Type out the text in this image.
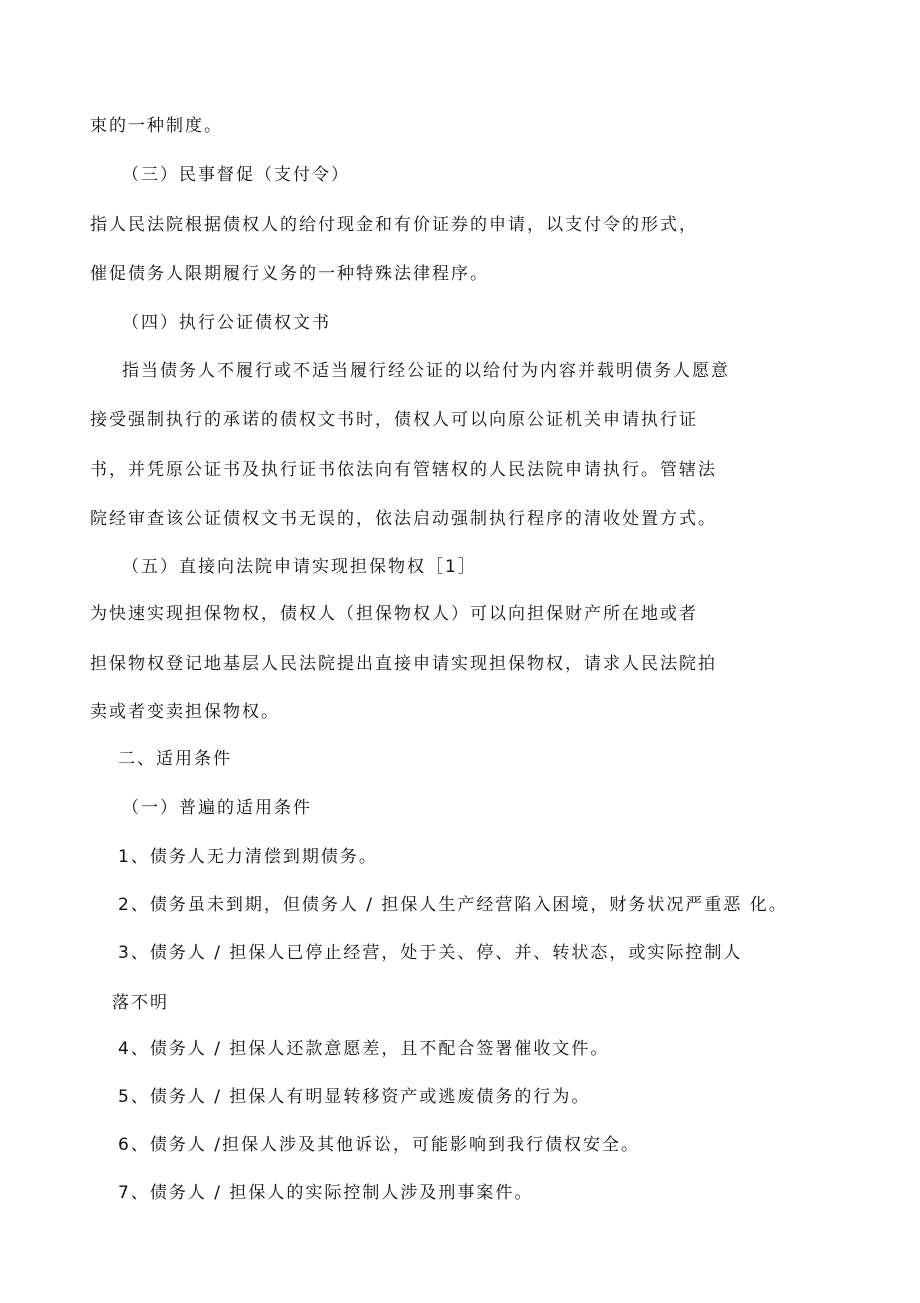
束的一种制度。
（三）民事督促（支付令）
指人民法院根据债权人的给付现金和有价证券的申请，以支付令的形式，
催促债务人限期履行义务的一种特殊法律程序。
（四）执行公证债权文书
指当债务人不履行或不适当履行经公证的以给付为内容并载明债务人愿意
接受强制执行的承诺的债权文书时，债权人可以向原公证机关申请执行证
书，并凭原公证书及执行证书依法向有管辖权的人民法院申请执行。管辖法
院经审查该公证债权文书无误的，依法启动强制执行程序的清收处置方式。
（五）直接向法院申请实现担保物权［1］
为快速实现担保物权，债权人（担保物权人）可以向担保财产所在地或者
担保物权登记地基层人民法院提出直接申请实现担保物权，请求人民法院拍
卖或者变卖担保物权。
二、适用条件
（一）普遍的适用条件
1、债务人无力清偿到期债务。
2、债务虽未到期，但债务人 / 担保人生产经营陷入困境，财务状况严重恶 化。
3、债务人 / 担保人已停止经营，处于关、停、并、转状态，或实际控制人
落不明
4、债务人 / 担保人还款意愿差，且不配合签署催收文件。
5、债务人 / 担保人有明显转移资产或逃废债务的行为。
6、债务人 /担保人涉及其他诉讼，可能影响到我行债权安全。
7、债务人 / 担保人的实际控制人涉及刑事案件。
